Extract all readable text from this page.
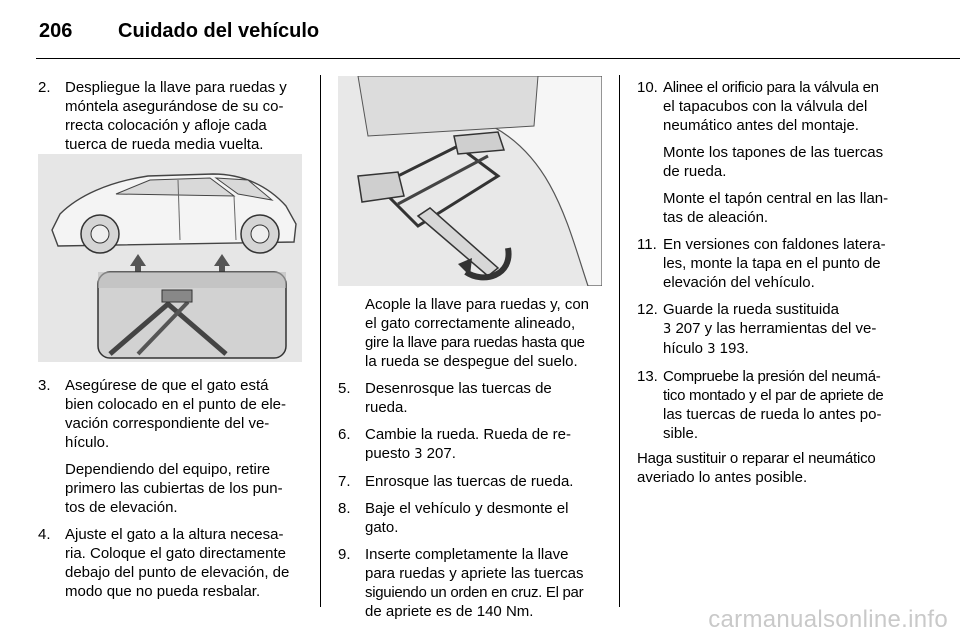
206 Cuidado del vehículo
2. Despliegue la llave para ruedas y
móntela asegurándose de su co-
rrecta colocación y afloje cada
tuerca de rueda media vuelta.
3. Asegúrese de que el gato está
bien colocado en el punto de ele-
vación correspondiente del ve-
hículo.
Dependiendo del equipo, retire
primero las cubiertas de los pun-
tos de elevación.
4. Ajuste el gato a la altura necesa-
ria. Coloque el gato directamente
debajo del punto de elevación, de
modo que no pueda resbalar.
Acople la llave para ruedas y, con
el gato correctamente alineado,
gire la llave para ruedas hasta que
la rueda se despegue del suelo.
5. Desenrosque las tuercas de
rueda.
6. Cambie la rueda. Rueda de re-
puesto 3 207.
7. Enrosque las tuercas de rueda.
8. Baje el vehículo y desmonte el
gato.
9. Inserte completamente la llave
para ruedas y apriete las tuercas
siguiendo un orden en cruz. El par
de apriete es de 140 Nm.
10. Alinee el orificio para la válvula en
el tapacubos con la válvula del
neumático antes del montaje.
Monte los tapones de las tuercas
de rueda.
Monte el tapón central en las llan-
tas de aleación.
11. En versiones con faldones latera-
les, monte la tapa en el punto de
elevación del vehículo.
12. Guarde la rueda sustituida
3 207 y las herramientas del ve-
hículo 3 193.
13. Compruebe la presión del neumá-
tico montado y el par de apriete de
las tuercas de rueda lo antes po-
sible.
Haga sustituir o reparar el neumático
averiado lo antes posible.
carmanualsonline.info
